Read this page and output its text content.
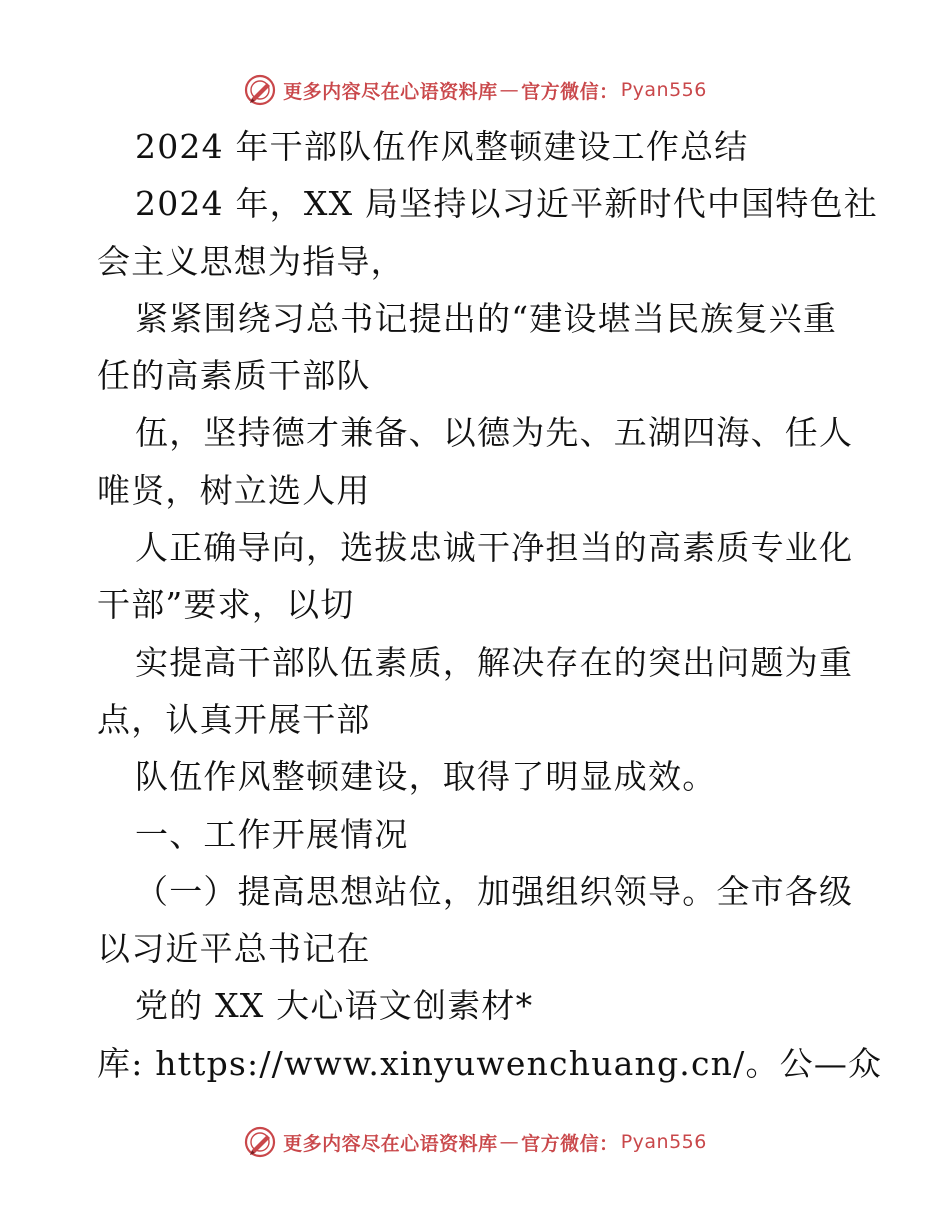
更多内容尽在心语资料库 — 官方微信： Pyan556
2024 年干部队伍作风整顿建设工作总结
2024 年，XX 局坚持以习近平新时代中国特色社
会主义思想为指导，
紧紧围绕习总书记提出的“建设堪当民族复兴重
任的高素质干部队
伍，坚持德才兼备、以德为先、五湖四海、任人
唯贤，树立选人用
人正确导向，选拔忠诚干净担当的高素质专业化
干部”要求，以切
实提高干部队伍素质，解决存在的突出问题为重
点，认真开展干部
队伍作风整顿建设，取得了明显成效。
一、工作开展情况
（一）提高思想站位，加强组织领导。全市各级
以习近平总书记在
党的 XX 大心语文创素材*
库: https://www.xinyuwenchuang.cn/。公—众
更多内容尽在心语资料库 — 官方微信： Pyan556
